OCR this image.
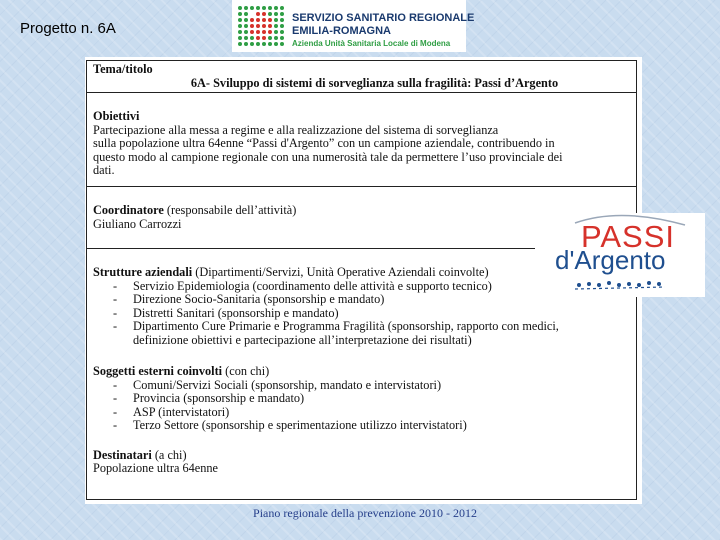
Progetto n. 6A
SERVIZIO SANITARIO REGIONALE
EMILIA-ROMAGNA
Azienda Unità Sanitaria Locale di Modena
Tema/titolo
6A- Sviluppo di sistemi di sorveglianza sulla fragilità: Passi d’Argento
Obiettivi
Partecipazione alla messa a regime e alla realizzazione del sistema di sorveglianza
sulla popolazione ultra 64enne “Passi d'Argento” con un campione aziendale, contribuendo in
questo modo al campione regionale con una numerosità tale da permettere l’uso provinciale dei
dati.
Coordinatore (responsabile dell’attività)
Giuliano Carrozzi
Strutture aziendali (Dipartimenti/Servizi, Unità Operative Aziendali coinvolte)
- Servizio Epidemiologia (coordinamento delle attività e supporto tecnico)
- Direzione Socio-Sanitaria (sponsorship e mandato)
- Distretti Sanitari (sponsorship e mandato)
- Dipartimento Cure Primarie e Programma Fragilità (sponsorship, rapporto con medici, definizione obiettivi e partecipazione all’interpretazione dei risultati)
Soggetti esterni coinvolti (con chi)
- Comuni/Servizi Sociali (sponsorship, mandato e intervistatori)
- Provincia (sponsorship e mandato)
- ASP (intervistatori)
- Terzo Settore (sponsorship e sperimentazione utilizzo intervistatori)
Destinatari (a chi)
Popolazione ultra 64enne
PASSI
d'Argento
Piano regionale della prevenzione 2010 - 2012
